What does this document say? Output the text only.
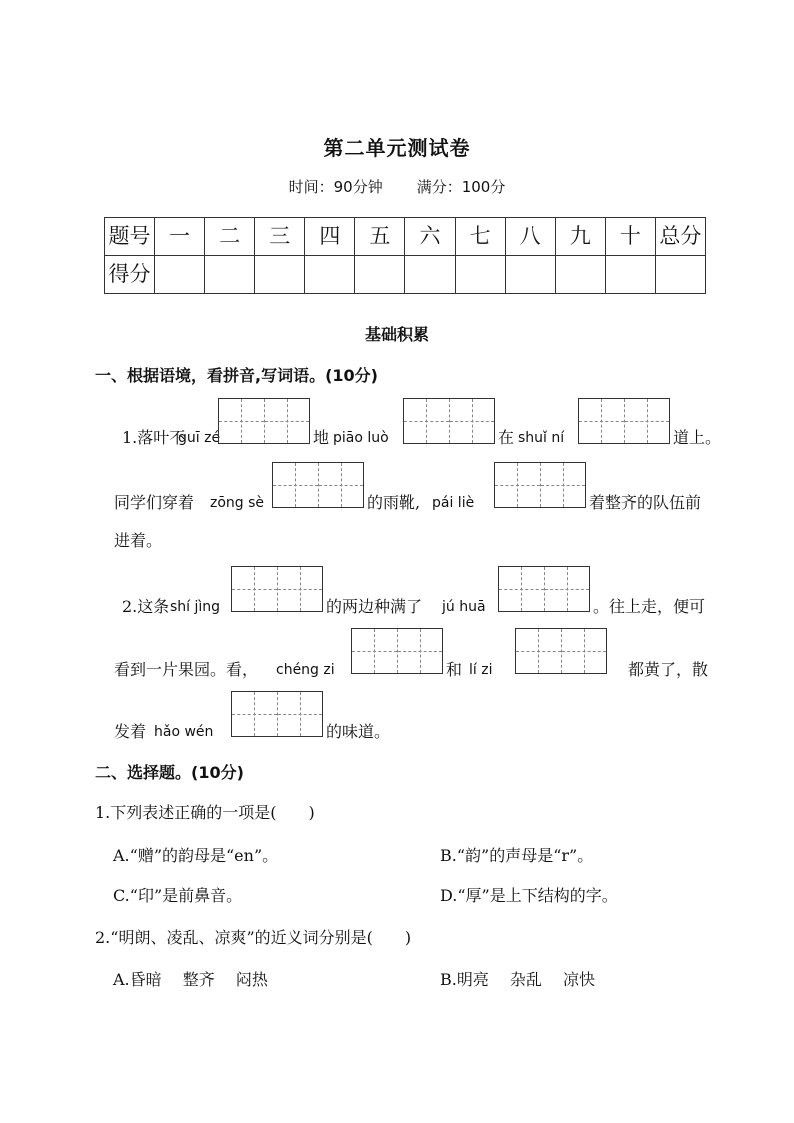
第二单元测试卷
时间：90分钟 满分：100分
题号	一	二	三	四	五	六	七	八	九	十	总分
得分											
基础积累
一、根据语境，看拼音,写词语。(10分)
1.落叶不
guī zé	地 piāo luò	在 shuǐ ní	道上。
同学们穿着 zōng sè	的雨靴, pái liè	着整齐的队伍前
进着。
2.这条 shí jìng	的两边种满了 jú huā	。往上走，便可
看到一片果园。看， chéng zi	和 lí zi	都黄了，散
发着 hǎo wén	的味道。
二、选择题。(10分)
1.下列表述正确的一项是(　　)
A.“赠”的韵母是“en”。	B.“韵”的声母是“r”。
C.“印”是前鼻音。	D.“厚”是上下结构的字。
2.“明朗、凌乱、凉爽”的近义词分别是(　　)
A.昏暗　 整齐　 闷热	B.明亮　 杂乱　 凉快
